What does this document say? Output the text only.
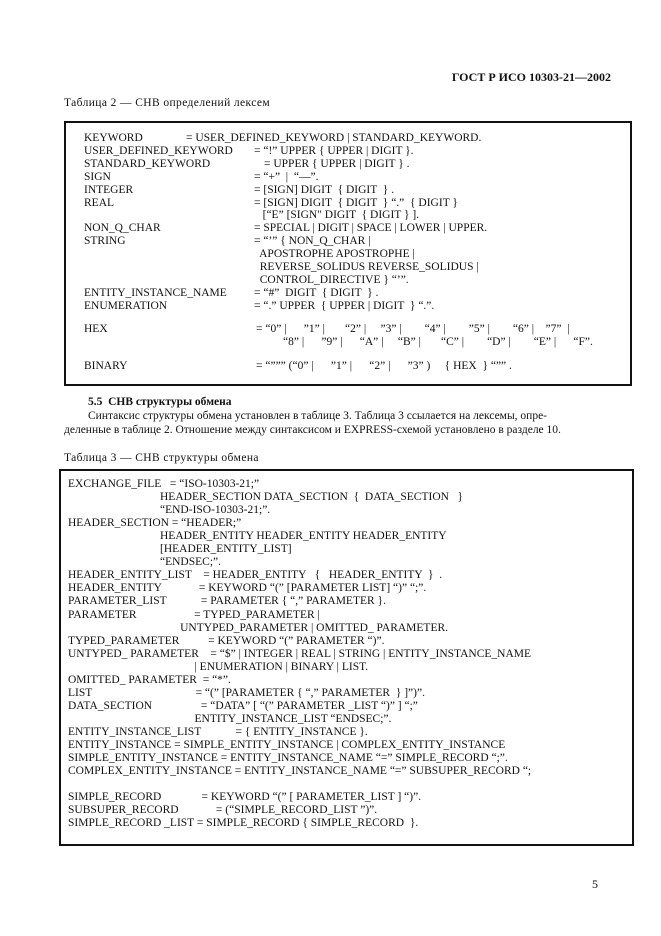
ГОСТ Р ИСО 10303-21—2002
Таблица 2 — СНВ определений лексем
KEYWORD	= USER_DEFINED_KEYWORD | STANDARD_KEYWORD.
USER_DEFINED_KEYWORD = “!” UPPER { UPPER | DIGIT }.
STANDARD_KEYWORD	= UPPER { UPPER | DIGIT } .
SIGN	= “+”  |  “—”.
INTEGER	= [SIGN] DIGIT  { DIGIT  } .
REAL	= [SIGN] DIGIT  { DIGIT  } “.”  { DIGIT }
[“E” [SIGN" DIGIT  { DIGIT } ].
NON_Q_CHAR	= SPECIAL | DIGIT | SPACE | LOWER | UPPER.
STRING	= “’” { NON_Q_CHAR |
APOSTROPHE APOSTROPHE |
REVERSE_SOLIDUS REVERSE_SOLIDUS |
CONTROL_DIRECTIVE } “’”.
ENTITY_INSTANCE_NAME = “#”  DIGIT  { DIGIT  } .
ENUMERATION	= “.” UPPER  { UPPER | DIGIT  } “.”.
HEX	= “0” |      ”1” |       “2” |     ”3” |        “4” |        ”5” |        “6” |    ”7”  |
“8” |      ”9” |      “A” |     “B” |       “C” |        “D” |        “E” |      “F”.
BINARY	= “””” (“0” |      ”1” |      “2” |      ”3” )     { HEX  } “”” .
5.5  СНВ структуры обмена
Синтаксис структуры обмена установлен в таблице 3. Таблица 3 ссылается на лексемы, опре-
деленные в таблице 2. Отношение между синтаксисом и EXPRESS-схемой установлено в разделе 10.
Таблица 3 — СНВ структуры обмена
EXCHANGE_FILE   = “ISO-10303-21;”
HEADER_SECTION DATA_SECTION  {  DATA_SECTION   }
“END-ISO-10303-21;”.
HEADER_SECTION = “HEADER;”
HEADER_ENTITY HEADER_ENTITY HEADER_ENTITY
[HEADER_ENTITY_LIST]
“ENDSEC;”.
HEADER_ENTITY_LIST    = HEADER_ENTITY   {   HEADER_ENTITY  }  .
HEADER_ENTITY             = KEYWORD “(” [PARAMETER LIST] “)” “;”.
PARAMETER_LIST            = PARAMETER { “,” PARAMETER }.
PARAMETER                    = TYPED_PARAMETER |
UNTYPED_PARAMETER | OMITTED_ PARAMETER.
TYPED_PARAMETER          = KEYWORD “(” PARAMETER “)”.
UNTYPED_ PARAMETER    = “$” | INTEGER | REAL | STRING | ENTITY_INSTANCE_NAME
| ENUMERATION | BINARY | LIST.
OMITTED_ PARAMETER  = “*”.
LIST                                    = “(” [PARAMETER { “,” PARAMETER  } ]”)”.
DATA_SECTION                 = “DATA” [ “(” PARAMETER _LIST “)” ] “;”
ENTITY_INSTANCE_LIST “ENDSEC;”.
ENTITY_INSTANCE_LIST            = { ENTITY_INSTANCE }.
ENTITY_INSTANCE = SIMPLE_ENTITY_INSTANCE | COMPLEX_ENTITY_INSTANCE
SIMPLE_ENTITY_INSTANCE = ENTITY_INSTANCE_NAME “=” SIMPLE_RECORD “;”.
COMPLEX_ENTITY_INSTANCE = ENTITY_INSTANCE_NAME “=” SUBSUPER_RECORD “;
SIMPLE_RECORD              = KEYWORD “(” [ PARAMETER_LIST ] “)”.
SUBSUPER_RECORD             = (“SIMPLE_RECORD_LIST ”)”.
SIMPLE_RECORD _LIST = SIMPLE_RECORD { SIMPLE_RECORD  }.
5
